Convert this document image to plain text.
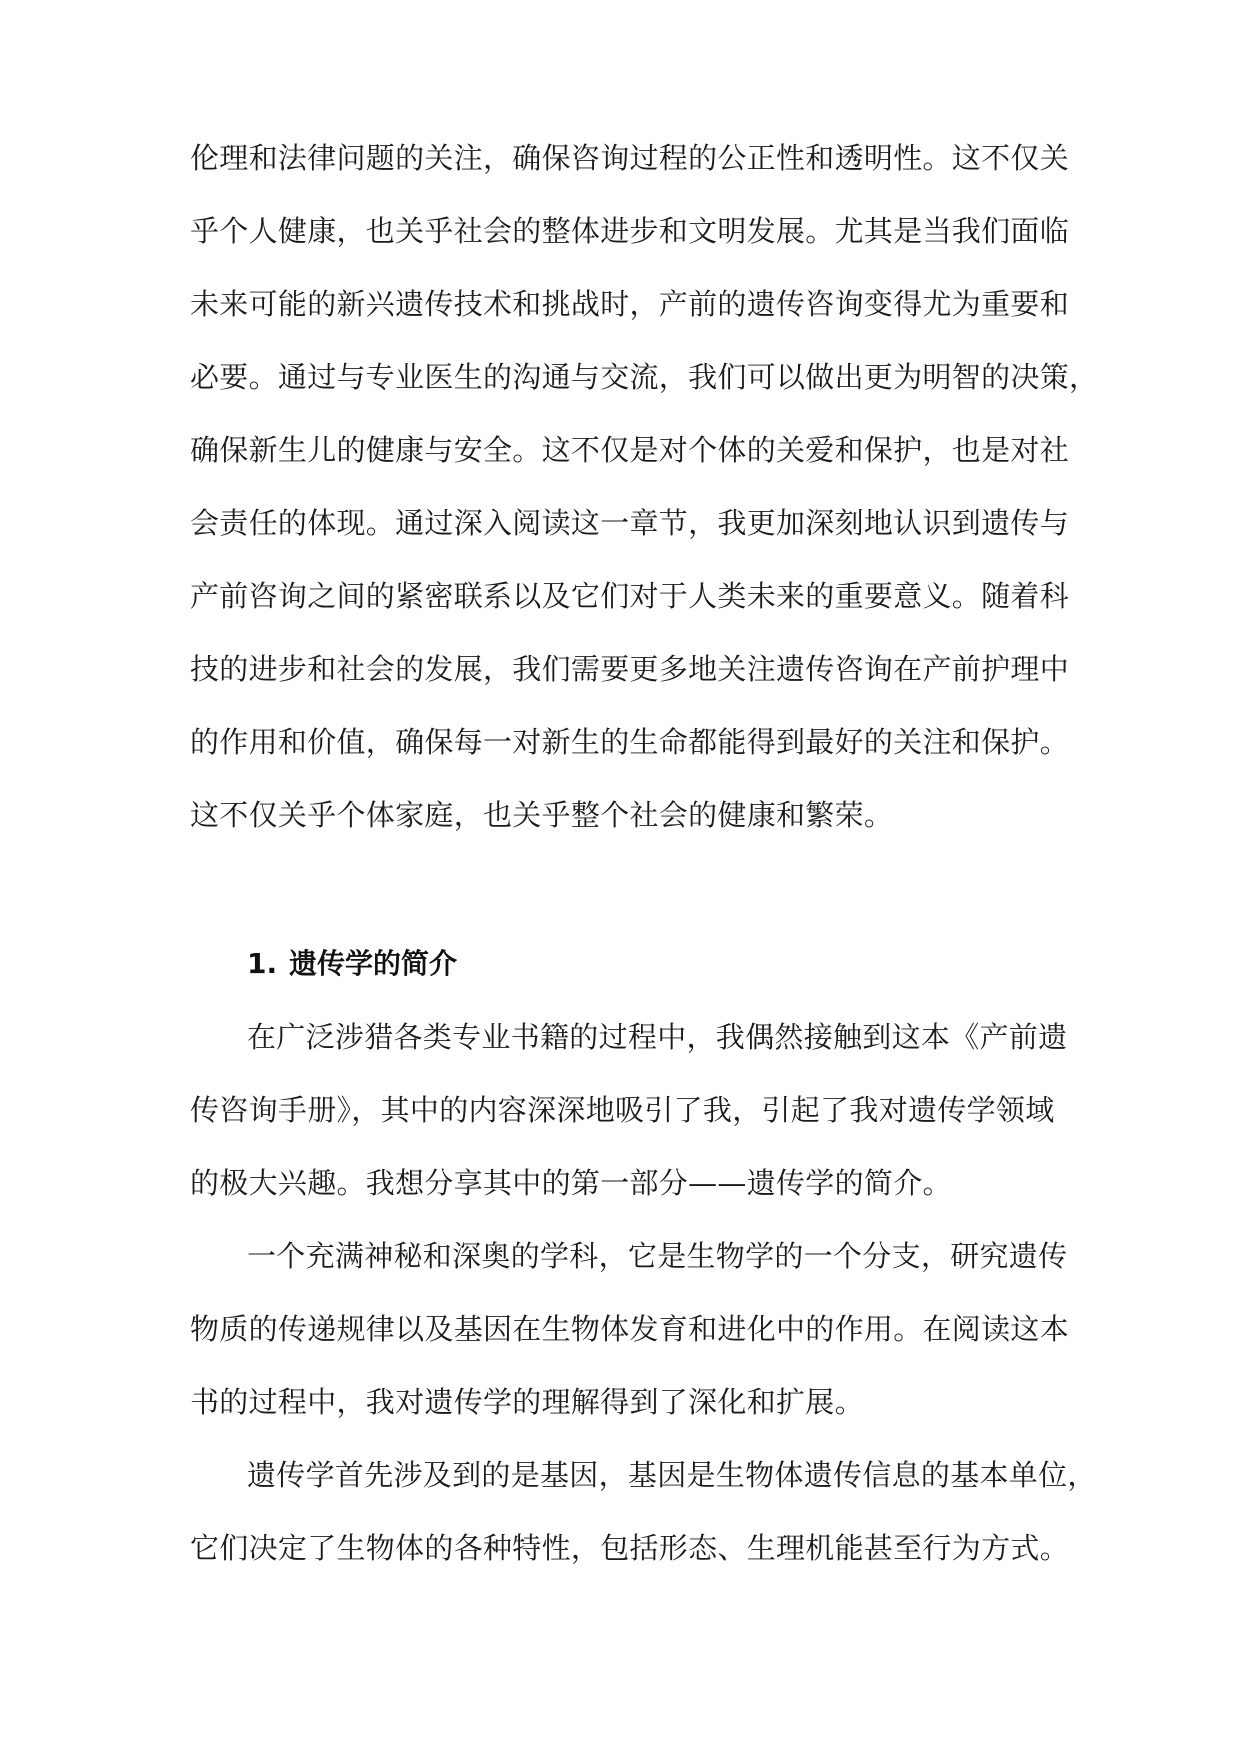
伦理和法律问题的关注，确保咨询过程的公正性和透明性。这不仅关
乎个人健康，也关乎社会的整体进步和文明发展。尤其是当我们面临
未来可能的新兴遗传技术和挑战时，产前的遗传咨询变得尤为重要和
必要。通过与专业医生的沟通与交流，我们可以做出更为明智的决策，
确保新生儿的健康与安全。这不仅是对个体的关爱和保护，也是对社
会责任的体现。通过深入阅读这一章节，我更加深刻地认识到遗传与
产前咨询之间的紧密联系以及它们对于人类未来的重要意义。随着科
技的进步和社会的发展，我们需要更多地关注遗传咨询在产前护理中
的作用和价值，确保每一对新生的生命都能得到最好的关注和保护。
这不仅关乎个体家庭，也关乎整个社会的健康和繁荣。
1. 遗传学的简介
在广泛涉猎各类专业书籍的过程中，我偶然接触到这本《产前遗
传咨询手册》，其中的内容深深地吸引了我，引起了我对遗传学领域
的极大兴趣。我想分享其中的第一部分——遗传学的简介。
一个充满神秘和深奥的学科，它是生物学的一个分支，研究遗传
物质的传递规律以及基因在生物体发育和进化中的作用。在阅读这本
书的过程中，我对遗传学的理解得到了深化和扩展。
遗传学首先涉及到的是基因，基因是生物体遗传信息的基本单位，
它们决定了生物体的各种特性，包括形态、生理机能甚至行为方式。
